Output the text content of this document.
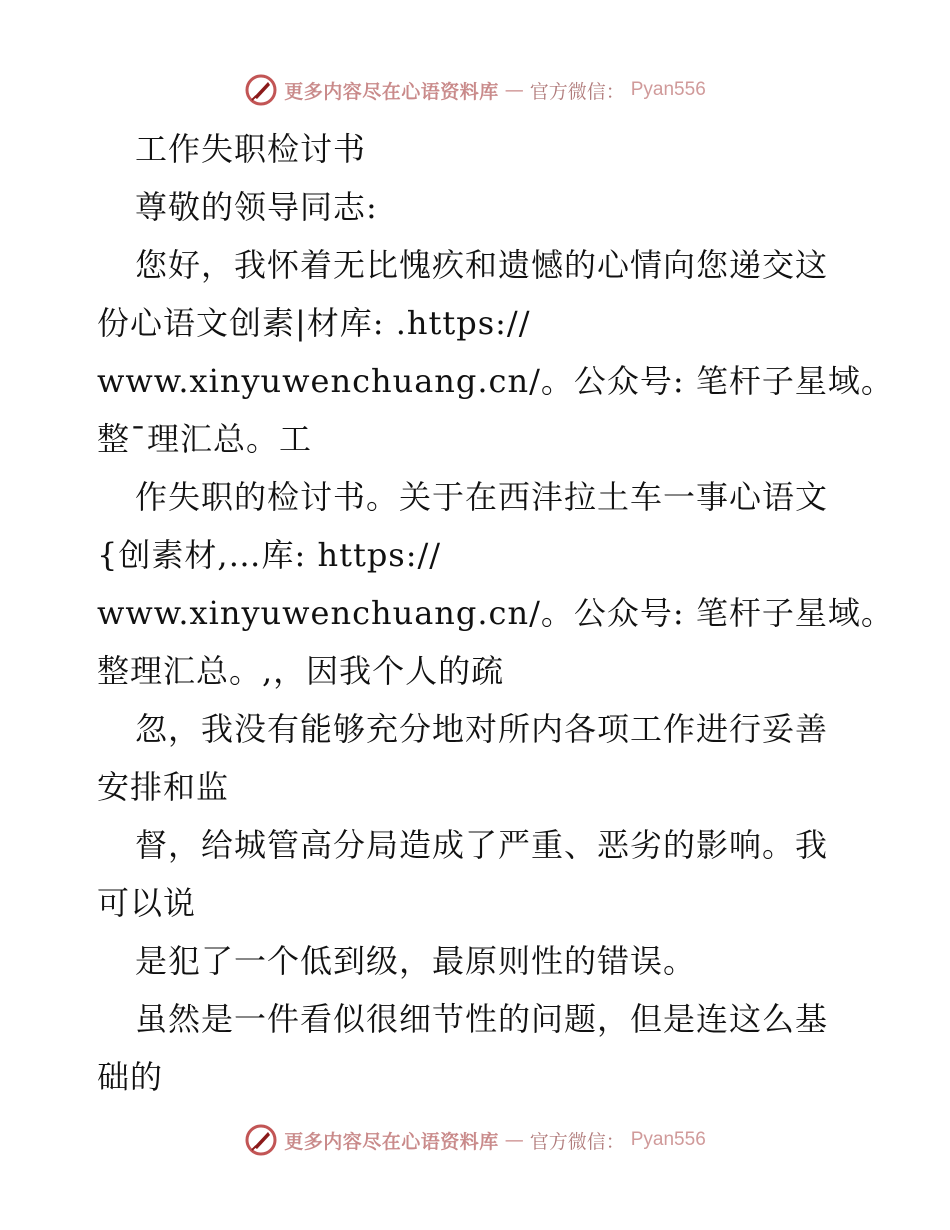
更多内容尽在心语资料库 — 官方微信： Pyan556
工作失职检讨书
尊敬的领导同志:
您好，我怀着无比愧疚和遗憾的心情向您递交这
份心语文创素|材库: .https://
www.xinyuwenchuang.cn/。公众号: 笔杆子星域。
整¯理汇总。工
作失职的检讨书。关于在西沣拉土车一事心语文
{创素材,…库: https://
www.xinyuwenchuang.cn/。公众号: 笔杆子星域。
整理汇总。,，因我个人的疏
忽，我没有能够充分地对所内各项工作进行妥善
安排和监
督，给城管高分局造成了严重、恶劣的影响。我
可以说
是犯了一个低到级，最原则性的错误。
虽然是一件看似很细节性的问题，但是连这么基
础的
更多内容尽在心语资料库 — 官方微信： Pyan556
